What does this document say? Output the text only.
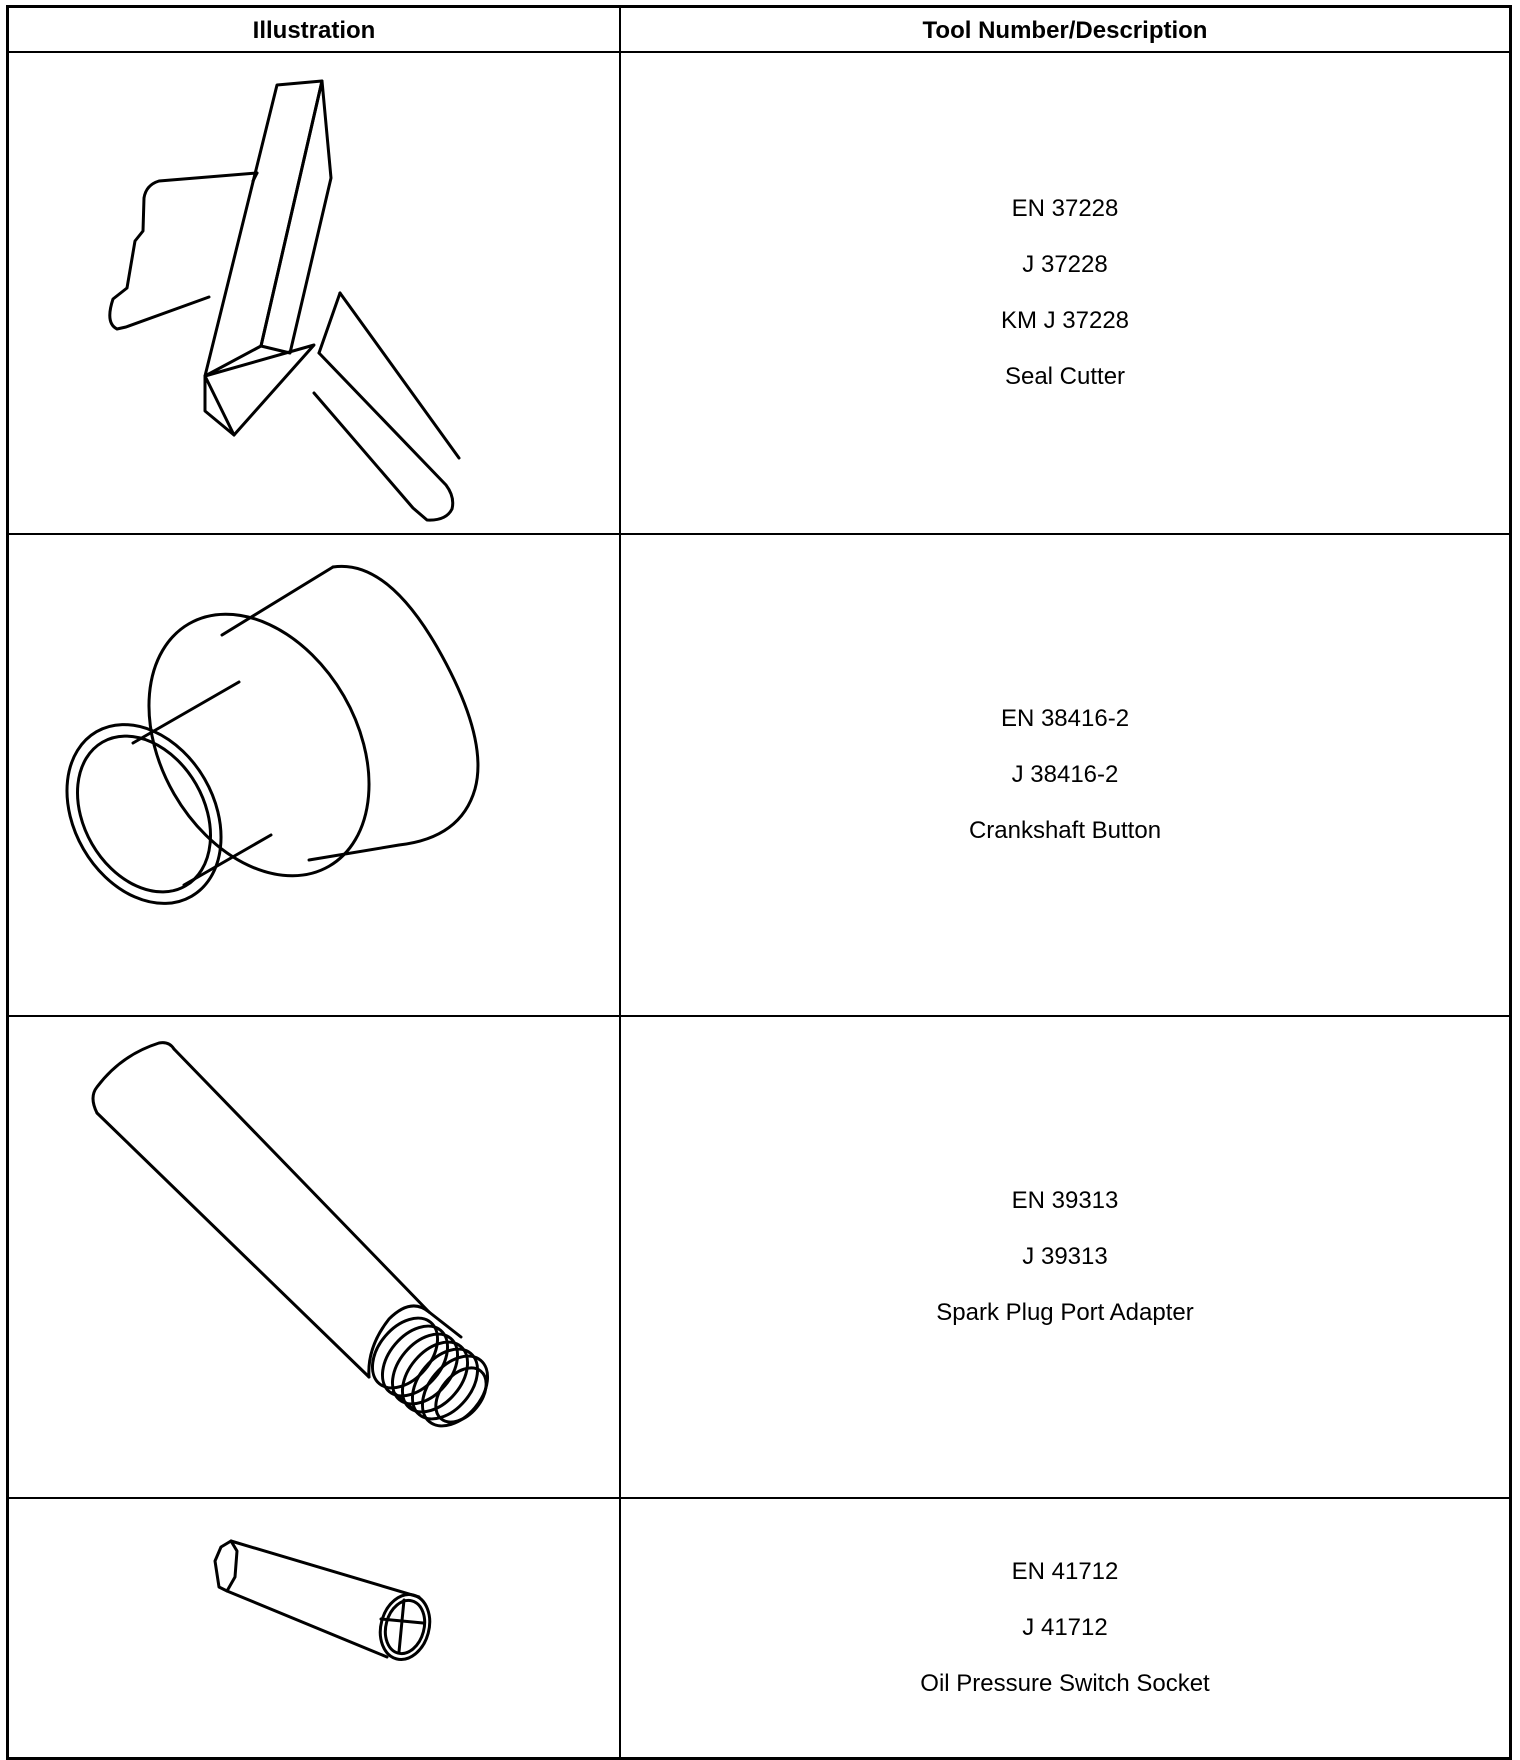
Illustration	Tool Number/Description
EN 37228
J 37228
KM J 37228
Seal Cutter
EN 38416-2
J 38416-2
Crankshaft Button
EN 39313
J 39313
Spark Plug Port Adapter
EN 41712
J 41712
Oil Pressure Switch Socket
